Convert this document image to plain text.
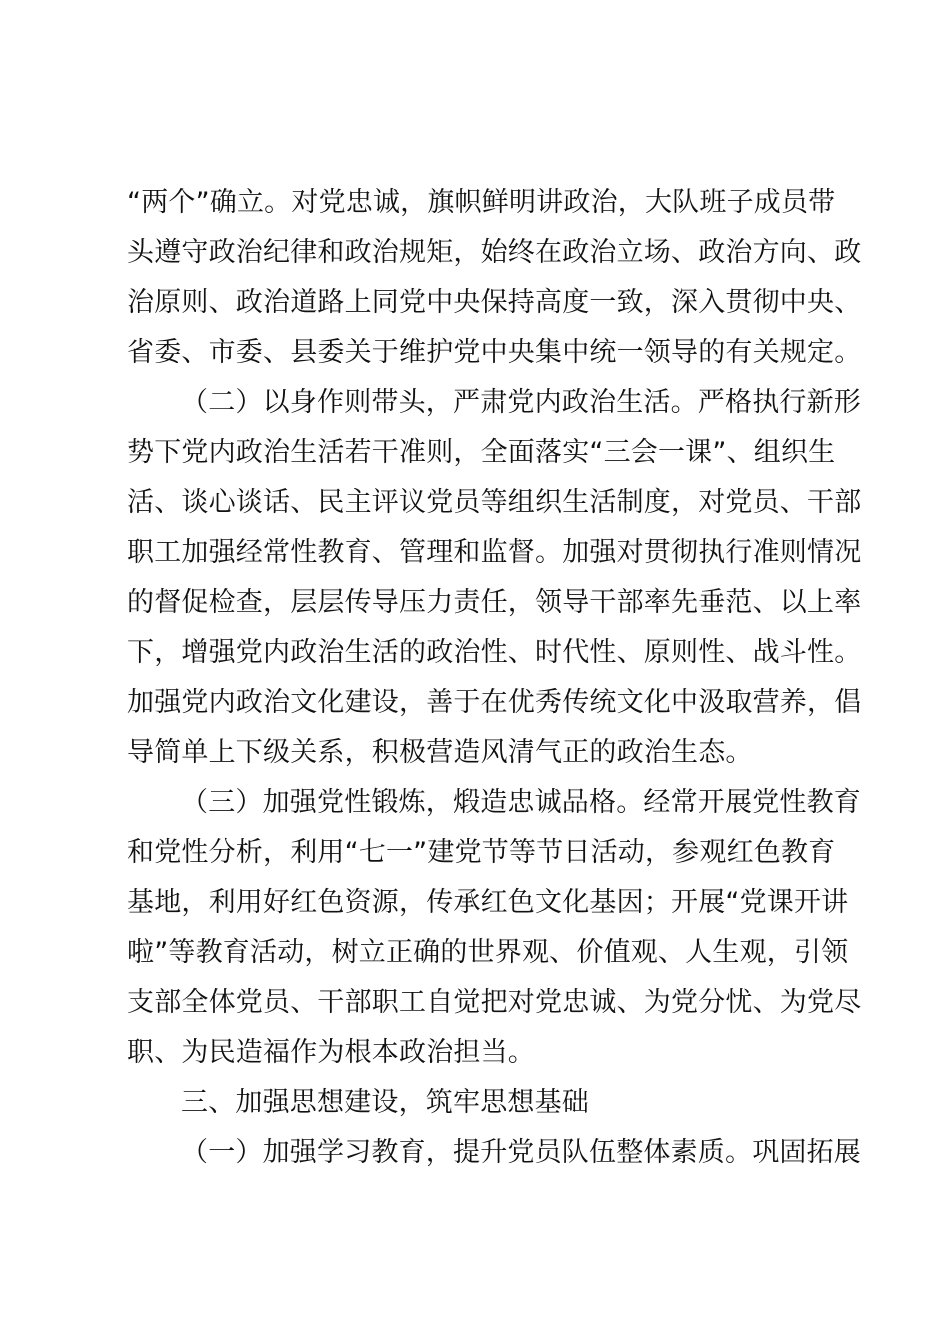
“两个”确立。对党忠诚，旗帜鲜明讲政治，大队班子成员带
头遵守政治纪律和政治规矩，始终在政治立场、政治方向、政
治原则、政治道路上同党中央保持高度一致，深入贯彻中央、
省委、市委、县委关于维护党中央集中统一领导的有关规定。
（二）以身作则带头，严肃党内政治生活。严格执行新形
势下党内政治生活若干准则，全面落实“三会一课”、组织生
活、谈心谈话、民主评议党员等组织生活制度，对党员、干部
职工加强经常性教育、管理和监督。加强对贯彻执行准则情况
的督促检查，层层传导压力责任，领导干部率先垂范、以上率
下，增强党内政治生活的政治性、时代性、原则性、战斗性。
加强党内政治文化建设，善于在优秀传统文化中汲取营养，倡
导简单上下级关系，积极营造风清气正的政治生态。
（三）加强党性锻炼，煅造忠诚品格。经常开展党性教育
和党性分析，利用“七一”建党节等节日活动，参观红色教育
基地，利用好红色资源，传承红色文化基因；开展“党课开讲
啦”等教育活动，树立正确的世界观、价值观、人生观，引领
支部全体党员、干部职工自觉把对党忠诚、为党分忧、为党尽
职、为民造福作为根本政治担当。
三、加强思想建设，筑牢思想基础
（一）加强学习教育，提升党员队伍整体素质。巩固拓展
